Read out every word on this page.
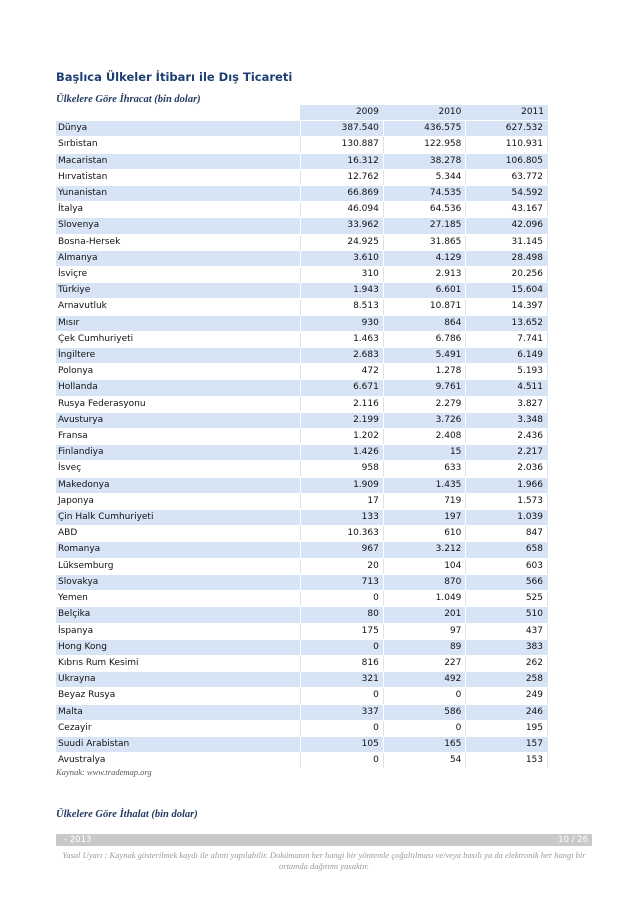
Başlıca Ülkeler İtibarı ile Dış Ticareti
Ülkelere Göre İhracat (bin dolar)
	2009	2010	2011
Dünya	387.540	436.575	627.532
Sırbistan	130.887	122.958	110.931
Macaristan	16.312	38.278	106.805
Hırvatistan	12.762	5.344	63.772
Yunanistan	66.869	74.535	54.592
İtalya	46.094	64.536	43.167
Slovenya	33.962	27.185	42.096
Bosna-Hersek	24.925	31.865	31.145
Almanya	3.610	4.129	28.498
İsviçre	310	2.913	20.256
Türkiye	1.943	6.601	15.604
Arnavutluk	8.513	10.871	14.397
Mısır	930	864	13.652
Çek Cumhuriyeti	1.463	6.786	7.741
İngiltere	2.683	5.491	6.149
Polonya	472	1.278	5.193
Hollanda	6.671	9.761	4.511
Rusya Federasyonu	2.116	2.279	3.827
Avusturya	2.199	3.726	3.348
Fransa	1.202	2.408	2.436
Finlandiya	1.426	15	2.217
İsveç	958	633	2.036
Makedonya	1.909	1.435	1.966
Japonya	17	719	1.573
Çin Halk Cumhuriyeti	133	197	1.039
ABD	10.363	610	847
Romanya	967	3.212	658
Lüksemburg	20	104	603
Slovakya	713	870	566
Yemen	0	1.049	525
Belçika	80	201	510
İspanya	175	97	437
Hong Kong	0	89	383
Kıbrıs Rum Kesimi	816	227	262
Ukrayna	321	492	258
Beyaz Rusya	0	0	249
Malta	337	586	246
Cezayir	0	0	195
Suudi Arabistan	105	165	157
Avustralya	0	54	153
Kaynak: www.trademap.org
Ülkelere Göre İthalat (bin dolar)
- 2013	10 / 26
Yasal Uyarı : Kaynak gösterilmek kaydı ile alıntı yapılabilir. Dokümanın her hangi bir yöntemle çoğaltılması ve/veya basılı ya da elektronik her hangi bir ortamda dağıtımı yasaktır.
